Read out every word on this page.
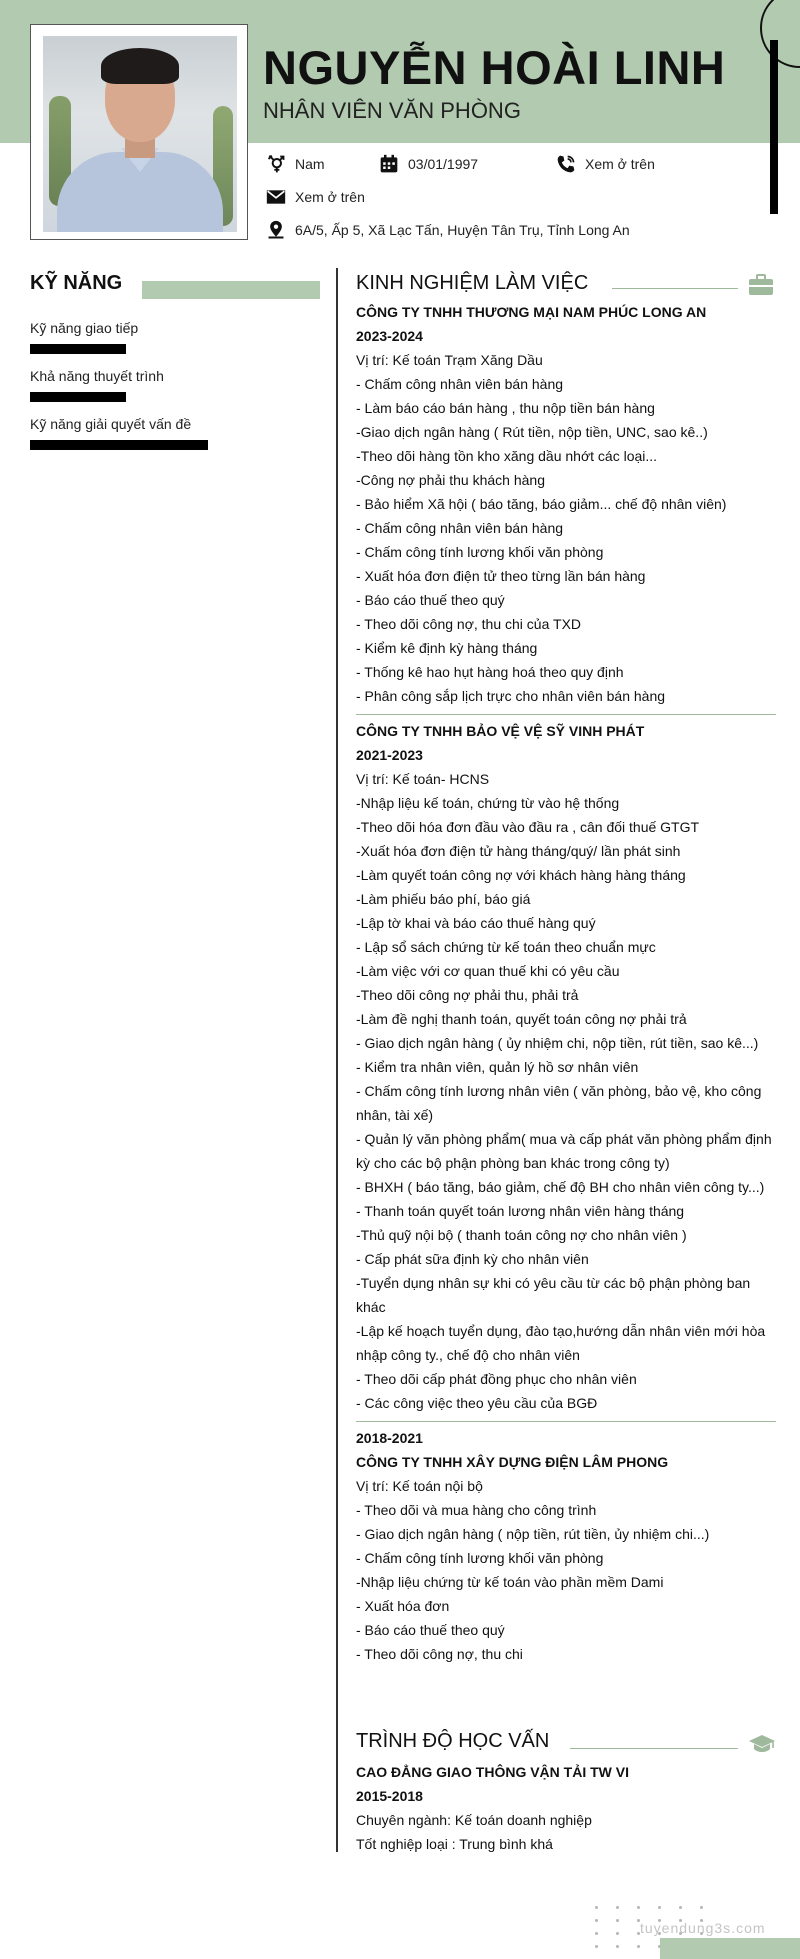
NGUYỄN HOÀI LINH
NHÂN VIÊN VĂN PHÒNG
Nam	03/01/1997	Xem ở trên
Xem ở trên
6A/5, Ấp 5, Xã Lạc Tấn, Huyện Tân Trụ, Tỉnh Long An
KỸ NĂNG
Kỹ năng giao tiếp
Khả năng thuyết trình
Kỹ năng giải quyết vấn đề
KINH NGHIỆM LÀM VIỆC
CÔNG TY TNHH THƯƠNG MẠI NAM PHÚC LONG AN
2023-2024
Vị trí: Kế toán Trạm Xăng Dầu
- Chấm công nhân viên bán hàng
- Làm báo cáo bán hàng , thu nộp tiền bán hàng
-Giao dịch ngân hàng ( Rút tiền, nộp tiền, UNC, sao kê..)
-Theo dõi hàng tồn kho xăng dầu nhớt các loại...
-Công nợ phải thu khách hàng
- Bảo hiểm Xã hội ( báo tăng, báo giảm... chế độ nhân viên)
- Chấm công nhân viên bán hàng
- Chấm công tính lương khối văn phòng
- Xuất hóa đơn điện tử theo từng lần bán hàng
- Báo cáo thuế theo quý
- Theo dõi công nợ, thu chi của TXD
- Kiểm kê định kỳ hàng tháng
- Thống kê hao hụt hàng hoá theo quy định
- Phân công sắp lịch trực cho nhân viên bán hàng
CÔNG TY TNHH BẢO VỆ VỆ SỸ VINH PHÁT
2021-2023
Vị trí: Kế toán- HCNS
-Nhập liệu kế toán, chứng từ vào hệ thống
-Theo dõi hóa đơn đầu vào đầu ra , cân đối thuế GTGT
-Xuất hóa đơn điện tử hàng tháng/quý/ lần phát sinh
-Làm quyết toán công nợ với khách hàng hàng tháng
-Làm phiếu báo phí, báo giá
-Lập tờ khai và báo cáo thuế hàng quý
- Lập sổ sách chứng từ kế toán theo chuẩn mực
-Làm việc với cơ quan thuế khi có yêu cầu
-Theo dõi công nợ phải thu, phải trả
-Làm đề nghị thanh toán, quyết toán công nợ phải trả
- Giao dịch ngân hàng ( ủy nhiệm chi, nộp tiền, rút tiền, sao kê...)
- Kiểm tra nhân viên, quản lý hồ sơ nhân viên
- Chấm công tính lương nhân viên ( văn phòng, bảo vệ, kho công nhân, tài xế)
- Quản lý văn phòng phẩm( mua và cấp phát văn phòng phẩm định kỳ cho các bộ phận phòng ban khác trong công ty)
- BHXH ( báo tăng, báo giảm, chế độ BH cho nhân viên công ty...)
- Thanh toán quyết toán lương nhân viên hàng tháng
-Thủ quỹ nội bộ ( thanh toán công nợ cho nhân viên )
- Cấp phát sữa định kỳ cho nhân viên
-Tuyển dụng nhân sự khi có yêu cầu từ các bộ phận phòng ban khác
-Lập kế hoạch tuyển dụng, đào tạo,hướng dẫn nhân viên mới hòa nhập công ty., chế độ cho nhân viên
- Theo dõi cấp phát đồng phục cho nhân viên
- Các công việc theo yêu cầu của BGĐ
2018-2021
CÔNG TY TNHH XÂY DỰNG ĐIỆN LÂM PHONG
Vị trí: Kế toán nội bộ
- Theo dõi và mua hàng cho công trình
- Giao dịch ngân hàng ( nộp tiền, rút tiền, ủy nhiệm chi...)
- Chấm công tính lương khối văn phòng
-Nhập liệu chứng từ kế toán vào phần mềm Dami
- Xuất hóa đơn
- Báo cáo thuế theo quý
- Theo dõi công nợ, thu chi
TRÌNH ĐỘ HỌC VẤN
CAO ĐẲNG GIAO THÔNG VẬN TẢI TW VI
2015-2018
Chuyên ngành: Kế toán doanh nghiệp
Tốt nghiệp loại : Trung bình khá
tuyendung3s.com
